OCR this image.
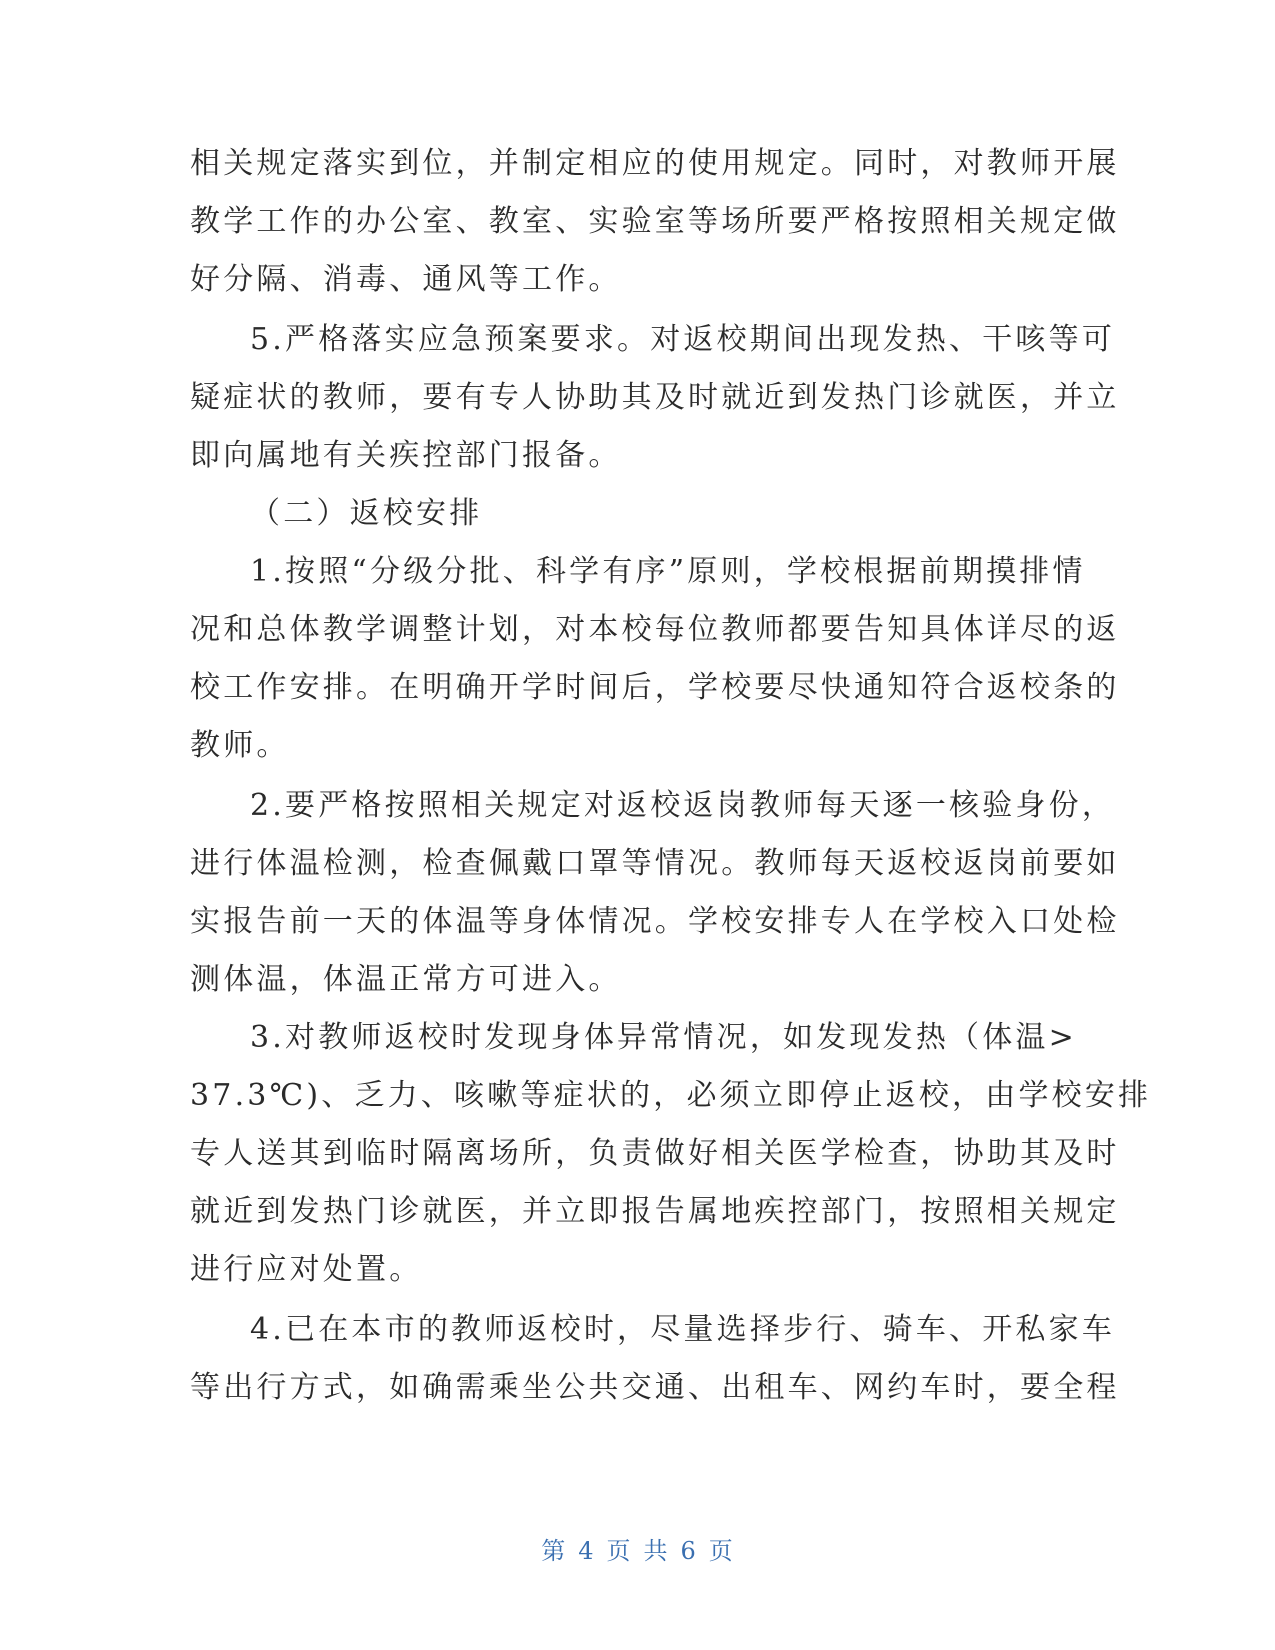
相关规定落实到位，并制定相应的使用规定。同时，对教师开展
教学工作的办公室、教室、实验室等场所要严格按照相关规定做
好分隔、消毒、通风等工作。
5.严格落实应急预案要求。对返校期间出现发热、干咳等可
疑症状的教师，要有专人协助其及时就近到发热门诊就医，并立
即向属地有关疾控部门报备。
（二）返校安排
1.按照“分级分批、科学有序”原则，学校根据前期摸排情
况和总体教学调整计划，对本校每位教师都要告知具体详尽的返
校工作安排。在明确开学时间后，学校要尽快通知符合返校条的
教师。
2.要严格按照相关规定对返校返岗教师每天逐一核验身份，
进行体温检测，检查佩戴口罩等情况。教师每天返校返岗前要如
实报告前一天的体温等身体情况。学校安排专人在学校入口处检
测体温，体温正常方可进入。
3.对教师返校时发现身体异常情况，如发现发热（体温>
37.3℃)、乏力、咳嗽等症状的，必须立即停止返校，由学校安排
专人送其到临时隔离场所，负责做好相关医学检查，协助其及时
就近到发热门诊就医，并立即报告属地疾控部门，按照相关规定
进行应对处置。
4.已在本市的教师返校时，尽量选择步行、骑车、开私家车
等出行方式，如确需乘坐公共交通、出租车、网约车时，要全程
第 4 页 共 6 页
